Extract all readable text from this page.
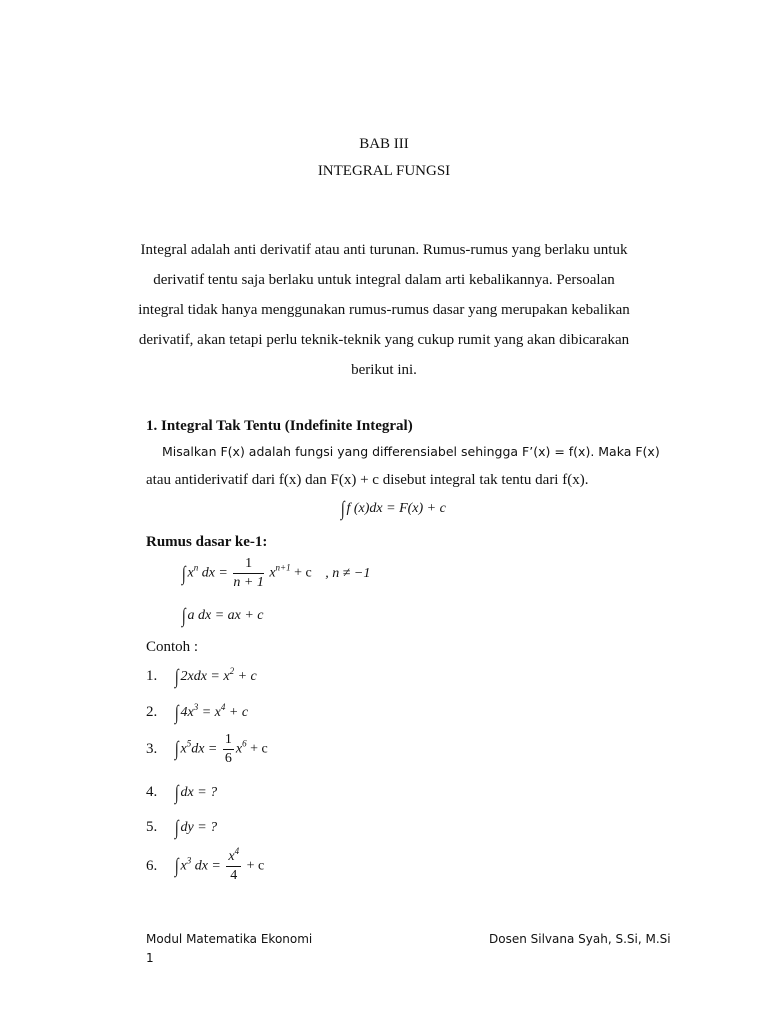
BAB III
INTEGRAL FUNGSI
Integral adalah anti derivatif atau anti turunan. Rumus-rumus yang berlaku untuk
derivatif tentu saja berlaku untuk integral dalam arti kebalikannya. Persoalan
integral tidak hanya menggunakan rumus-rumus dasar yang merupakan kebalikan
derivatif, akan tetapi perlu teknik-teknik yang cukup rumit yang akan dibicarakan
berikut ini.
1. Integral Tak Tentu (Indefinite Integral)
Misalkan F(x) adalah fungsi yang differensiabel sehingga F’(x) = f(x). Maka F(x)
atau antiderivatif dari f(x) dan F(x) + c disebut integral tak tentu dari f(x).
∫ f (x)dx = F(x) + c
Rumus dasar ke-1:
∫ $x^n$ dx = $\frac{1}{n + 1} x^{n+1} + c$ , n ≠ −1
∫ a dx = ax + c
Contoh :
1. ∫ $2xdx = x^2 + c$
2. ∫ $4x^3 = x^4 + c$
3. ∫ $x^5dx = \frac{1}{6} x^6 + c$
4. ∫ dx = ?
5. ∫ dy = ?
6. ∫ $x^3$ dx = $\frac{x^4}{4} + c$
Modul Matematika Ekonomi	Dosen Silvana Syah, S.Si, M.Si
1
